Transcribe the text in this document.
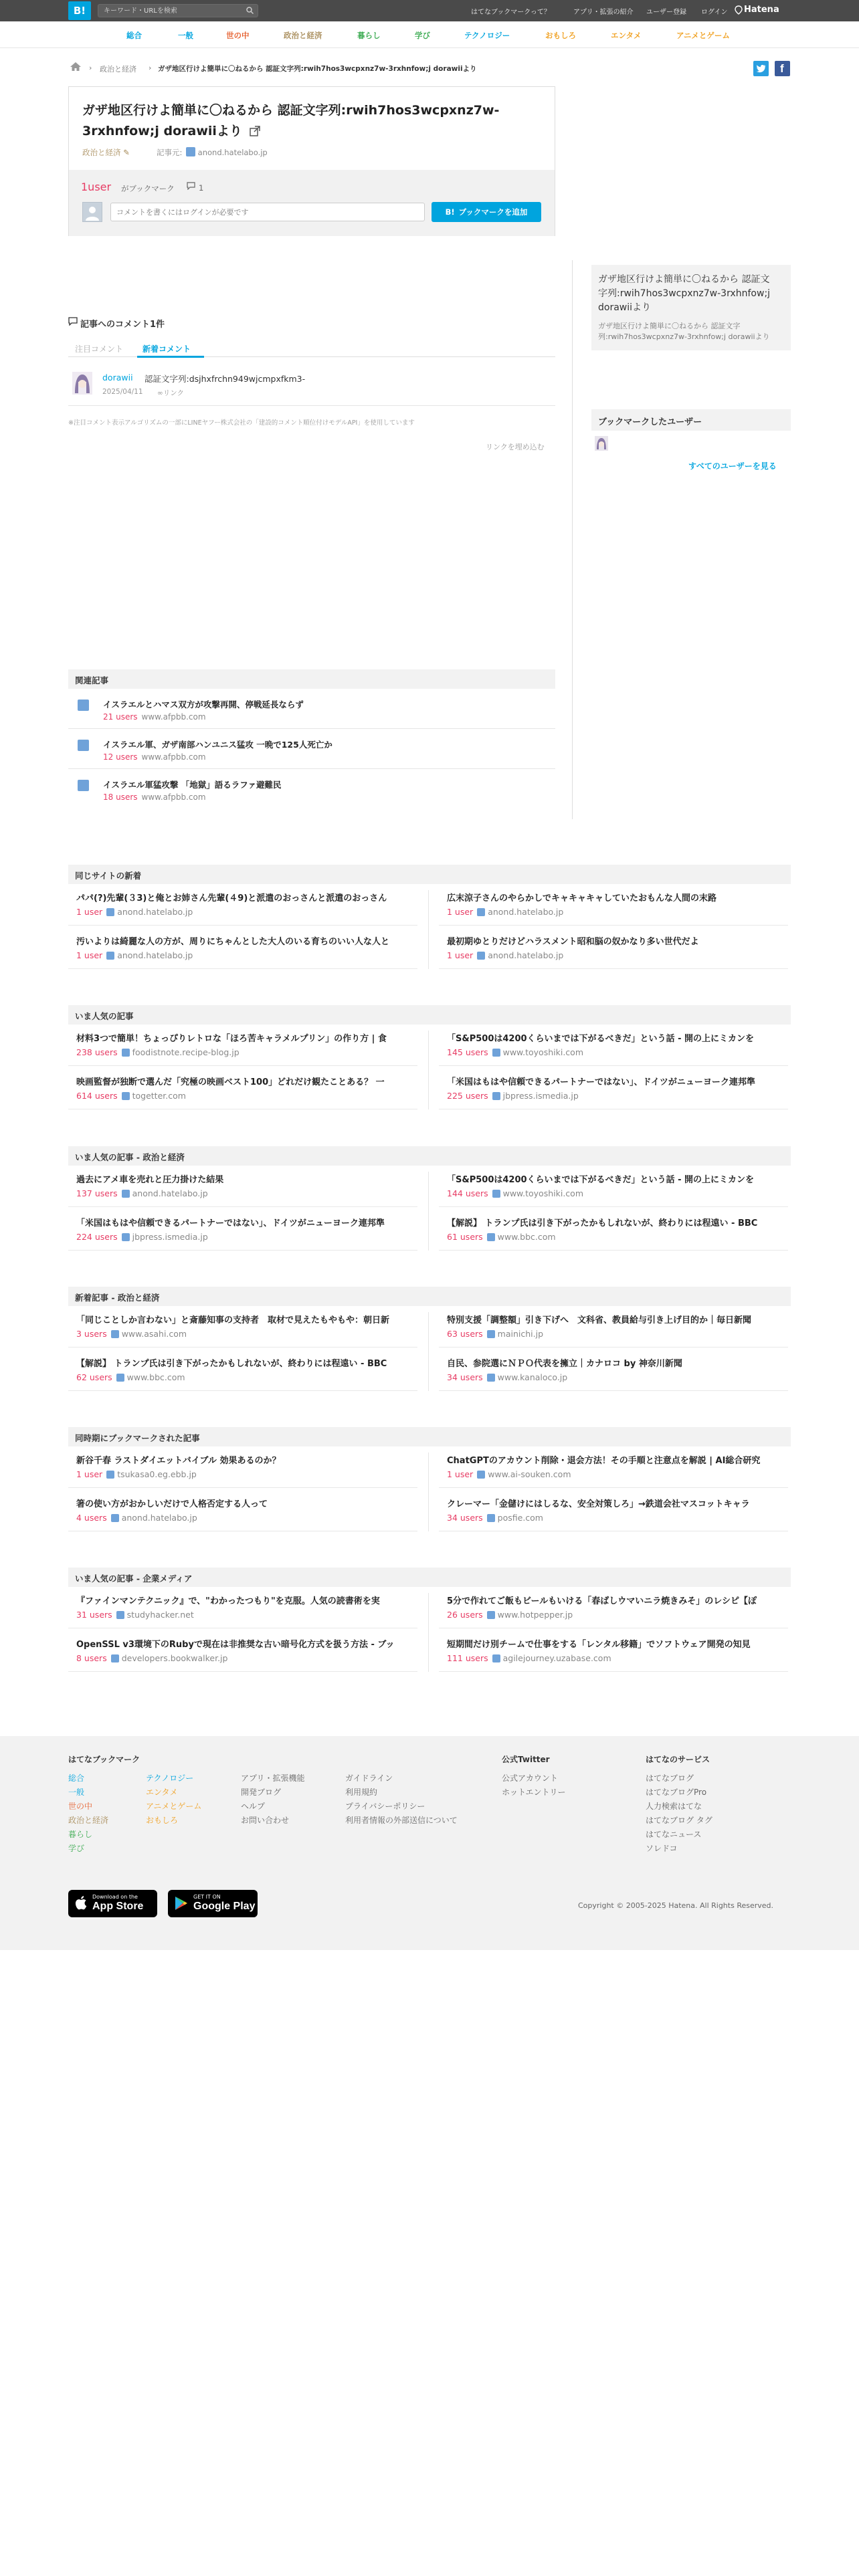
B!
キーワード・URLを検索	はてなブックマークって？	アプリ・拡張の紹介 ユーザー登録 ログイン Hatena
総合	一般	世の中	政治と経済	暮らし	学び	テクノロジー	おもしろ	エンタメ	アニメとゲーム
› 政治と経済 › ガザ地区行けよ簡単に〇ねるから 認証文字列:rwih7hos3wcpxnz7w-3rxhnfow;j dorawiiより	f
ガザ地区行けよ簡単に〇ねるから 認証文字列:rwih7hos3wcpxnz7w-3rxhnfow;j dorawiiより
政治と経済 ✎	記事元:	anond.hatelabo.jp
1user がブックマーク	1
コメントを書くにはログインが必要です
B! ブックマークを追加
ガザ地区行けよ簡単に〇ねるから 認証文字列:rwih7hos3wcpxnz7w-3rxhnfow;j dorawiiより
ガザ地区行けよ簡単に〇ねるから 認証文字列:rwih7hos3wcpxnz7w-3rxhnfow;j dorawiiより
ブックマークしたユーザー
すべてのユーザーを見る
記事へのコメント1件
注目コメント 新着コメント
dorawii 認証文字列:dsjhxfrchn949wjcmpxfkm3-
2025/04/11 ∞リンク
※注目コメント表示アルゴリズムの一部にLINEヤフー株式会社の「建設的コメント順位付けモデルAPI」を使用しています
リンクを埋め込む
関連記事
イスラエルとハマス双方が攻撃再開、停戦延長ならず
21 users www.afpbb.com
イスラエル軍、ガザ南部ハンユニス猛攻 一晩で125人死亡か
12 users www.afpbb.com
イスラエル軍猛攻撃 「地獄」語るラファ避難民
18 users www.afpbb.com
同じサイトの新着
パパ(?)先輩(３3)と俺とお姉さん先輩(４9)と派遣のおっさんと派遣のおっさん
1 user anond.hatelabo.jp
広末涼子さんのやらかしでキャキャキャしていたおもんな人間の末路
1 user anond.hatelabo.jp
汚いよりは綺麗な人の方が、周りにちゃんとした大人のいる育ちのいい人な人と
1 user anond.hatelabo.jp
最初期ゆとりだけどハラスメント昭和脳の奴かなり多い世代だよ
1 user anond.hatelabo.jp
いま人気の記事
材料3つで簡単！ちょっぴりレトロな「ほろ苦キャラメルプリン」の作り方 | 食
238 users foodistnote.recipe-blog.jp
「S&P500は4200くらいまでは下がるべきだ」という話 - 開の上にミカンを
145 users www.toyoshiki.com
映画監督が独断で選んだ「究極の映画ベスト100」どれだけ観たことある？ 一
614 users togetter.com
「米国はもはや信頼できるパートナーではない」、ドイツがニューヨーク連邦準
225 users jbpress.ismedia.jp
いま人気の記事 - 政治と経済
過去にアメ車を売れと圧力掛けた結果
137 users anond.hatelabo.jp
「S&P500は4200くらいまでは下がるべきだ」という話 - 開の上にミカンを
144 users www.toyoshiki.com
「米国はもはや信頼できるパートナーではない」、ドイツがニューヨーク連邦準
224 users jbpress.ismedia.jp
【解説】 トランプ氏は引き下がったかもしれないが、終わりには程遠い - BBC
61 users www.bbc.com
新着記事 - 政治と経済
「同じことしか言わない」と斎藤知事の支持者　取材で見えたもやもや：朝日新
3 users www.asahi.com
特別支援「調整額」引き下げへ　文科省、教員給与引き上げ目的か｜毎日新聞
63 users mainichi.jp
【解説】 トランプ氏は引き下がったかもしれないが、終わりには程遠い - BBC
62 users www.bbc.com
自民、参院選にＮＰＯ代表を擁立｜カナロコ by 神奈川新聞
34 users www.kanaloco.jp
同時期にブックマークされた記事
新谷千春 ラストダイエットバイブル 効果あるのか？
1 user tsukasa0.eg.ebb.jp
ChatGPTのアカウント削除・退会方法！その手順と注意点を解説 | AI総合研究
1 user www.ai-souken.com
箸の使い方がおかしいだけで人格否定する人って
4 users anond.hatelabo.jp
クレーマー「金儲けにはしるな、安全対策しろ」→鉄道会社マスコットキャラ
34 users posfie.com
いま人気の記事 - 企業メディア
『ファインマンテクニック』で、"わかったつもり"を克服。人気の読書術を実
31 users studyhacker.net
5分で作れてご飯もビールもいける「春ばしウマいニラ焼きみそ」のレシピ【ぽ
26 users www.hotpepper.jp
OpenSSL v3環境下のRubyで現在は非推奨な古い暗号化方式を扱う方法 - ブッ
8 users developers.bookwalker.jp
短期間だけ別チームで仕事をする「レンタル移籍」でソフトウェア開発の知見
111 users agilejourney.uzabase.com
はてなブックマーク	公式Twitter	はてなのサービス
総合
一般
世の中
政治と経済
暮らし
学び
テクノロジー
エンタメ
アニメとゲーム
おもしろ
アプリ・拡張機能
開発ブログ
ヘルプ
お問い合わせ
ガイドライン
利用規約
プライバシーポリシー
利用者情報の外部送信について
公式アカウント
ホットエントリー
はてなブログ
はてなブログPro
人力検索はてな
はてなブログ タグ
はてなニュース
ソレドコ
Download on the
App Store
GET IT ON
Google Play	Copyright © 2005-2025 Hatena. All Rights Reserved.
